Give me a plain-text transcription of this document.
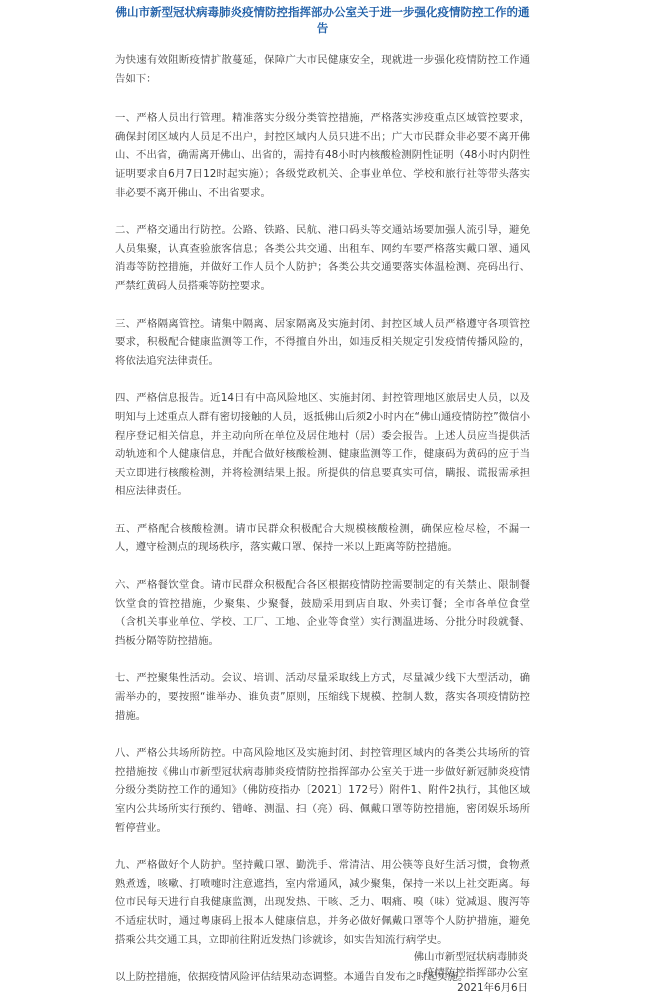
佛山市新型冠状病毒肺炎疫情防控指挥部办公室关于进一步强化疫情防控工作的通告

为快速有效阻断疫情扩散蔓延，保障广大市民健康安全，现就进一步强化疫情防控工作通告如下：

一、严格人员出行管理。精准落实分级分类管控措施，严格落实涉疫重点区域管控要求，确保封闭区域内人员足不出户，封控区域内人员只进不出；广大市民群众非必要不离开佛山、不出省，确需离开佛山、出省的，需持有48小时内核酸检测阴性证明（48小时内阴性证明要求自6月7日12时起实施）；各级党政机关、企事业单位、学校和旅行社等带头落实非必要不离开佛山、不出省要求。

二、严格交通出行防控。公路、铁路、民航、港口码头等交通站场要加强人流引导，避免人员集聚，认真查验旅客信息；各类公共交通、出租车、网约车要严格落实戴口罩、通风消毒等防控措施，并做好工作人员个人防护；各类公共交通要落实体温检测、亮码出行、严禁红黄码人员搭乘等防控要求。

三、严格隔离管控。请集中隔离、居家隔离及实施封闭、封控区域人员严格遵守各项管控要求，积极配合健康监测等工作，不得擅自外出，如违反相关规定引发疫情传播风险的，将依法追究法律责任。

四、严格信息报告。近14日有中高风险地区、实施封闭、封控管理地区旅居史人员，以及明知与上述重点人群有密切接触的人员，返抵佛山后须2小时内在“佛山通疫情防控”微信小程序登记相关信息，并主动向所在单位及居住地村（居）委会报告。上述人员应当提供活动轨迹和个人健康信息，并配合做好核酸检测、健康监测等工作，健康码为黄码的应于当天立即进行核酸检测，并将检测结果上报。所提供的信息要真实可信，瞒报、谎报需承担相应法律责任。

五、严格配合核酸检测。请市民群众积极配合大规模核酸检测，确保应检尽检，不漏一人，遵守检测点的现场秩序，落实戴口罩、保持一米以上距离等防控措施。

六、严格餐饮堂食。请市民群众积极配合各区根据疫情防控需要制定的有关禁止、限制餐饮堂食的管控措施，少聚集、少聚餐，鼓励采用到店自取、外卖订餐；全市各单位食堂（含机关事业单位、学校、工厂、工地、企业等食堂）实行测温进场、分批分时段就餐、挡板分隔等防控措施。

七、严控聚集性活动。会议、培训、活动尽量采取线上方式，尽量减少线下大型活动，确需举办的，要按照“谁举办、谁负责”原则，压缩线下规模、控制人数，落实各项疫情防控措施。

八、严格公共场所防控。中高风险地区及实施封闭、封控管理区域内的各类公共场所的管控措施按《佛山市新型冠状病毒肺炎疫情防控指挥部办公室关于进一步做好新冠肺炎疫情分级分类防控工作的通知》（佛防疫指办〔2021〕172号）附件1、附件2执行，其他区域室内公共场所实行预约、错峰、测温、扫（亮）码、佩戴口罩等防控措施，密闭娱乐场所暂停营业。

九、严格做好个人防护。坚持戴口罩、勤洗手、常清洁、用公筷等良好生活习惯，食物煮熟煮透，咳嗽、打喷嚏时注意遮挡，室内常通风，减少聚集，保持一米以上社交距离。每位市民每天进行自我健康监测，出现发热、干咳、乏力、咽痛、嗅（味）觉减退、腹泻等不适症状时，通过粤康码上报本人健康信息，并务必做好佩戴口罩等个人防护措施，避免搭乘公共交通工具，立即前往附近发热门诊就诊，如实告知流行病学史。

以上防控措施，依据疫情风险评估结果动态调整。本通告自发布之时起实施。

佛山市新型冠状病毒肺炎
疫情防控指挥部办公室
2021年6月6日
